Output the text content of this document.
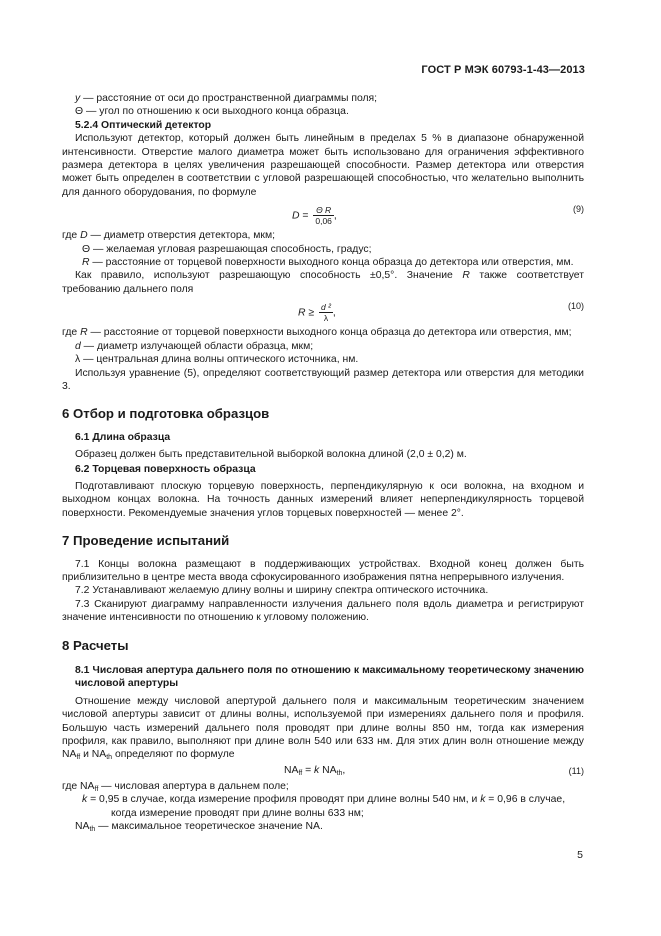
ГОСТ Р МЭК 60793-1-43—2013

y — расстояние от оси до пространственной диаграммы поля;

Θ — угол по отношению к оси выходного конца образца.

5.2.4 Оптический детектор

Используют детектор, который должен быть линейным в пределах 5 % в диапазоне обнаруженной интенсивности. Отверстие малого диаметра может быть использовано для ограничения эффективного размера детектора в целях увеличения разрешающей способности. Размер детектора или отверстия может быть определен в соответствии с угловой разрешающей способностью, что желательно выполнить для данного оборудования, по формуле

$D = \frac{\text{Θ R}}{0,06}$ ,
(9)

где D — диаметр отверстия детектора, мкм;

Θ — желаемая угловая разрешающая способность, градус;

R — расстояние от торцевой поверхности выходного конца образца до детектора или отверстия, мм.

Как правило, используют разрешающую способность ±0,5°. Значение R также соответствует требованию дальнего поля

$R \ge \frac{\text{d ²}}{\lambda}$ ,
(10)

где R — расстояние от торцевой поверхности выходного конца образца до детектора или отверстия, мм;

d — диаметр излучающей области образца, мкм;

λ — центральная длина волны оптического источника, нм.

Используя уравнение (5), определяют соответствующий размер детектора или отверстия для методики 3.

6 Отбор и подготовка образцов

6.1 Длина образца

Образец должен быть представительной выборкой волокна длиной (2,0 ± 0,2) м.

6.2 Торцевая поверхность образца

Подготавливают плоскую торцевую поверхность, перпендикулярную к оси волокна, на входном и выходном концах волокна. На точность данных измерений влияет неперпендикулярность торцевой поверхности. Рекомендуемые значения углов торцевых поверхностей — менее 2°.

7 Проведение испытаний

7.1 Концы волокна размещают в поддерживающих устройствах. Входной конец должен быть приблизительно в центре места ввода сфокусированного изображения пятна непрерывного излучения.

7.2 Устанавливают желаемую длину волны и ширину спектра оптического источника.

7.3 Сканируют диаграмму направленности излучения дальнего поля вдоль диаметра и регистрируют значение интенсивности по отношению к угловому положению.

8 Расчеты

8.1 Числовая апертура дальнего поля по отношению к максимальному теоретическому значению числовой апертуры

Отношение между числовой апертурой дальнего поля и максимальным теоретическим значением числовой апертуры зависит от длины волны, используемой при измерениях дальнего поля и профиля. Большую часть измерений дальнего поля проводят при длине волны 850 нм, тогда как измерения профиля, как правило, выполняют при длине волн 540 или 633 нм. Для этих длин волн отношение между $NA_{ff}$ и $NA_{th}$ определяют по формуле

$NA_{ff} = k$ $NA_{th}$,	(11)

где $NA_{ff}$ — числовая апертура в дальнем поле;

k = 0,95 в случае, когда измерение профиля проводят при длине волны 540 нм, и k = 0,96 в случае,

когда измерение проводят при длине волны 633 нм;

$NA_{th}$ — максимальное теоретическое значение NA.

5
